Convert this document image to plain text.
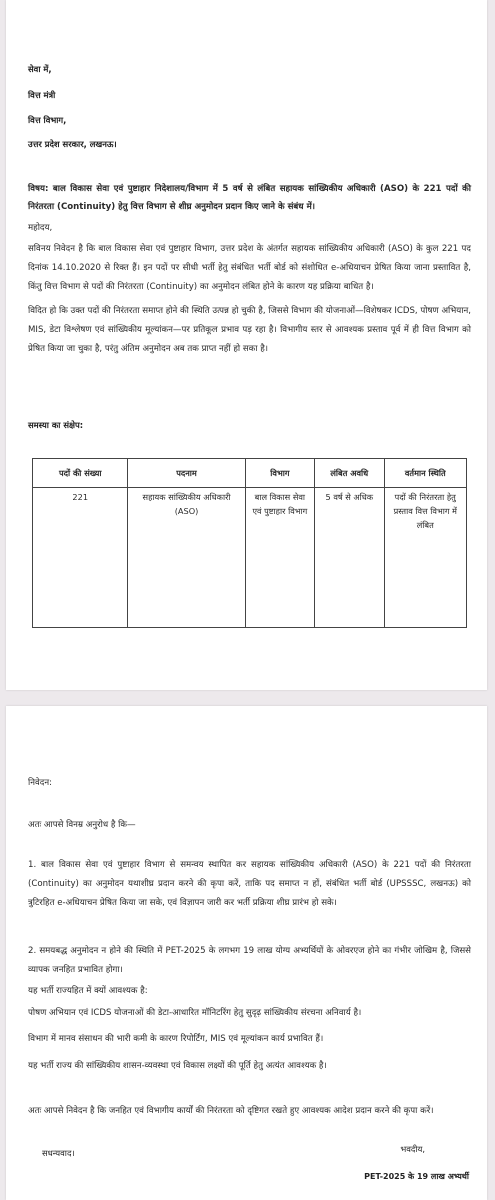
सेवा में,
वित्त मंत्री
वित्त विभाग,
उत्तर प्रदेश सरकार, लखनऊ।
विषय: बाल विकास सेवा एवं पुष्टाहार निदेशालय/विभाग में 5 वर्ष से लंबित सहायक सांख्यिकीय अधिकारी (ASO) के 221 पदों की निरंतरता (Continuity) हेतु वित्त विभाग से शीघ्र अनुमोदन प्रदान किए जाने के संबंध में।
महोदय,
सविनय निवेदन है कि बाल विकास सेवा एवं पुष्टाहार विभाग, उत्तर प्रदेश के अंतर्गत सहायक सांख्यिकीय अधिकारी (ASO) के कुल 221 पद दिनांक 14.10.2020 से रिक्त हैं। इन पदों पर सीधी भर्ती हेतु संबंधित भर्ती बोर्ड को संशोधित e-अधियाचन प्रेषित किया जाना प्रस्तावित है, किंतु वित्त विभाग से पदों की निरंतरता (Continuity) का अनुमोदन लंबित होने के कारण यह प्रक्रिया बाधित है।
विदित हो कि उक्त पदों की निरंतरता समाप्त होने की स्थिति उत्पन्न हो चुकी है, जिससे विभाग की योजनाओं—विशेषकर ICDS, पोषण अभियान, MIS, डेटा विश्लेषण एवं सांख्यिकीय मूल्यांकन—पर प्रतिकूल प्रभाव पड़ रहा है। विभागीय स्तर से आवश्यक प्रस्ताव पूर्व में ही वित्त विभाग को प्रेषित किया जा चुका है, परंतु अंतिम अनुमोदन अब तक प्राप्त नहीं हो सका है।
समस्या का संक्षेप:
पदों की संख्या	पदनाम	विभाग	लंबित अवधि	वर्तमान स्थिति
221	सहायक सांख्यिकीय अधिकारी (ASO)	बाल विकास सेवा एवं पुष्टाहार विभाग	5 वर्ष से अधिक	पदों की निरंतरता हेतु प्रस्ताव वित्त विभाग में लंबित
निवेदन:
अतः आपसे विनम्र अनुरोध है कि—
1. बाल विकास सेवा एवं पुष्टाहार विभाग से समन्वय स्थापित कर सहायक सांख्यिकीय अधिकारी (ASO) के 221 पदों की निरंतरता (Continuity) का अनुमोदन यथाशीघ्र प्रदान करने की कृपा करें, ताकि पद समाप्त न हों, संबंधित भर्ती बोर्ड (UPSSSC, लखनऊ) को त्रुटिरहित e-अधियाचन प्रेषित किया जा सके, एवं विज्ञापन जारी कर भर्ती प्रक्रिया शीघ्र प्रारंभ हो सके।
2. समयबद्ध अनुमोदन न होने की स्थिति में PET-2025 के लगभग 19 लाख योग्य अभ्यर्थियों के ओवरएज होने का गंभीर जोखिम है, जिससे व्यापक जनहित प्रभावित होगा।
यह भर्ती राज्यहित में क्यों आवश्यक है:
पोषण अभियान एवं ICDS योजनाओं की डेटा-आधारित मॉनिटरिंग हेतु सुदृढ़ सांख्यिकीय संरचना अनिवार्य है।
विभाग में मानव संसाधन की भारी कमी के कारण रिपोर्टिंग, MIS एवं मूल्यांकन कार्य प्रभावित हैं।
यह भर्ती राज्य की सांख्यिकीय शासन-व्यवस्था एवं विकास लक्ष्यों की पूर्ति हेतु अत्यंत आवश्यक है।
अतः आपसे निवेदन है कि जनहित एवं विभागीय कार्यों की निरंतरता को दृष्टिगत रखते हुए आवश्यक आदेश प्रदान करने की कृपा करें।
सधन्यवाद।	भवदीय,
PET-2025 के 19 लाख अभ्यर्थी
